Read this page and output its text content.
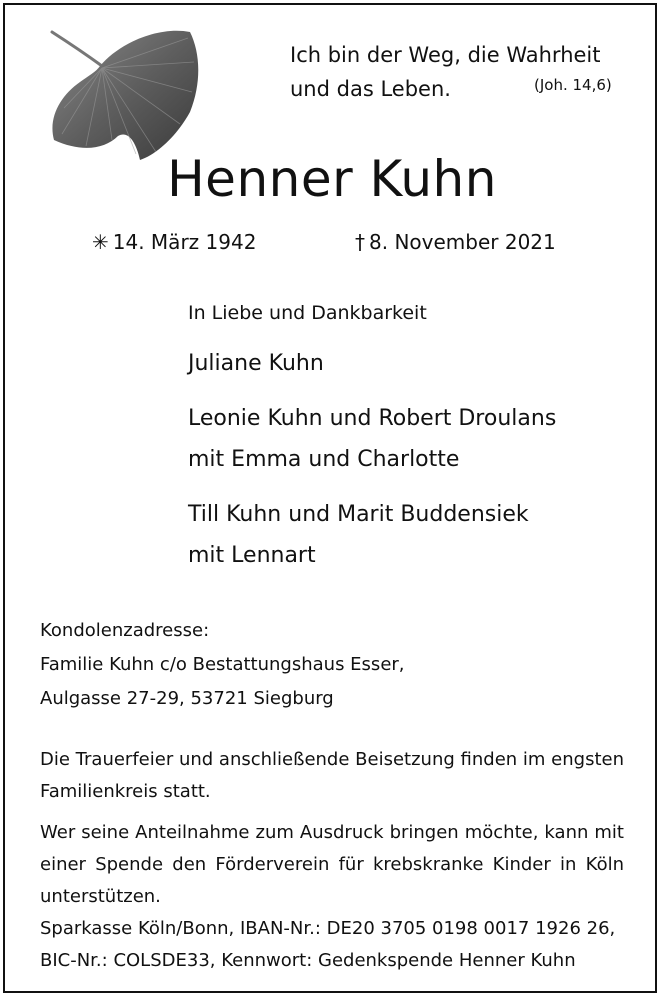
Ich bin der Weg, die Wahrheit
und das Leben.	(Joh. 14,6)
Henner Kuhn
✳ 14. März 1942	† 8. November 2021
In Liebe und Dankbarkeit
Juliane Kuhn
Leonie Kuhn und Robert Droulans
mit Emma und Charlotte
Till Kuhn und Marit Buddensiek
mit Lennart
Kondolenzadresse:
Familie Kuhn c/o Bestattungshaus Esser,
Aulgasse 27-29, 53721 Siegburg
Die Trauerfeier und anschließende Beisetzung finden im engsten Familienkreis statt.
Wer seine Anteilnahme zum Ausdruck bringen möchte, kann mit einer Spende den Förderverein für krebskranke Kinder in Köln unterstützen.
Sparkasse Köln/Bonn, IBAN-Nr.: DE20 3705 0198 0017 1926 26,
BIC-Nr.: COLSDE33, Kennwort: Gedenkspende Henner Kuhn
